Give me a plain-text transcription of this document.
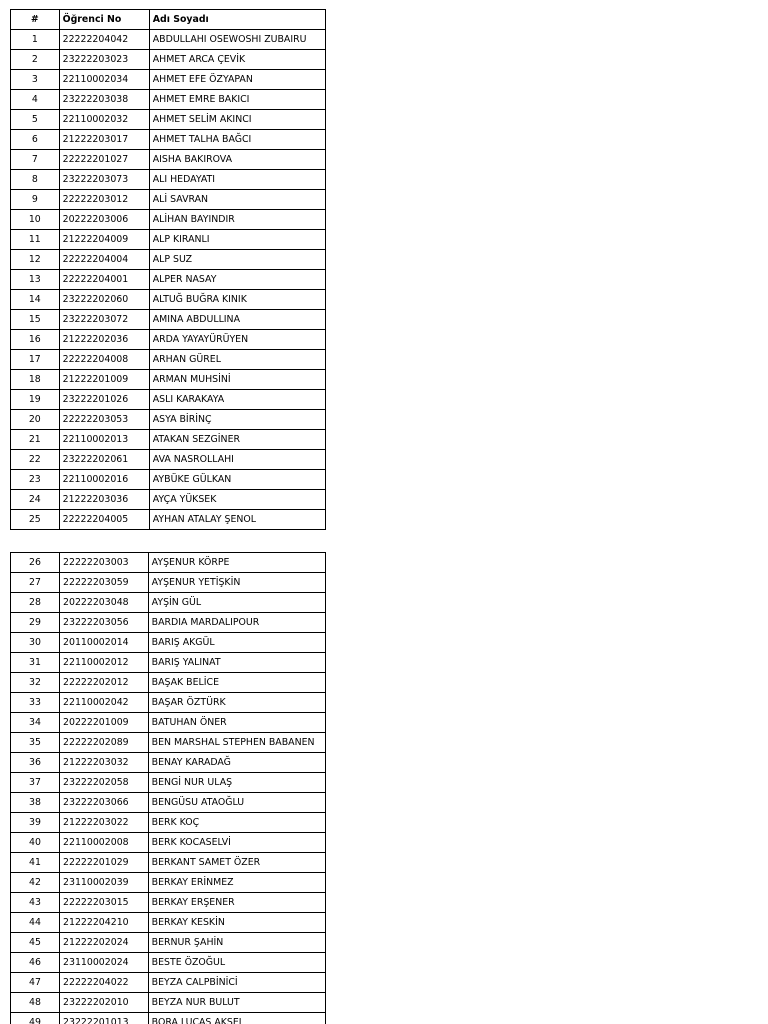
#	Öğrenci No	Adı Soyadı
1	22222204042	ABDULLAHI OSEWOSHI ZUBAIRU
2	23222203023	AHMET ARCA ÇEVİK
3	22110002034	AHMET EFE ÖZYAPAN
4	23222203038	AHMET EMRE BAKICI
5	22110002032	AHMET SELİM AKINCI
6	21222203017	AHMET TALHA BAĞCI
7	22222201027	AISHA BAKIROVA
8	23222203073	ALI HEDAYATI
9	22222203012	ALİ SAVRAN
10	20222203006	ALİHAN BAYINDIR
11	21222204009	ALP KIRANLI
12	22222204004	ALP SUZ
13	22222204001	ALPER NASAY
14	23222202060	ALTUĞ BUĞRA KINIK
15	23222203072	AMINA ABDULLINA
16	21222202036	ARDA YAYAYÜRÜYEN
17	22222204008	ARHAN GÜREL
18	21222201009	ARMAN MUHSİNİ
19	23222201026	ASLI KARAKAYA
20	22222203053	ASYA BİRİNÇ
21	22110002013	ATAKAN SEZGİNER
22	23222202061	AVA NASROLLAHI
23	22110002016	AYBÜKE GÜLKAN
24	21222203036	AYÇA YÜKSEK
25	22222204005	AYHAN ATALAY ŞENOL
26	22222203003	AYŞENUR KÖRPE
27	22222203059	AYŞENUR YETİŞKİN
28	20222203048	AYŞİN GÜL
29	23222203056	BARDIA MARDALIPOUR
30	20110002014	BARIŞ AKGÜL
31	22110002012	BARIŞ YALINAT
32	22222202012	BAŞAK BELİCE
33	22110002042	BAŞAR ÖZTÜRK
34	20222201009	BATUHAN ÖNER
35	22222202089	BEN MARSHAL STEPHEN BABANEN
36	21222203032	BENAY KARADAĞ
37	23222202058	BENGİ NUR ULAŞ
38	23222203066	BENGÜSU ATAOĞLU
39	21222203022	BERK KOÇ
40	22110002008	BERK KOCASELVİ
41	22222201029	BERKANT SAMET ÖZER
42	23110002039	BERKAY ERİNMEZ
43	22222203015	BERKAY ERŞENER
44	21222204210	BERKAY KESKİN
45	21222202024	BERNUR ŞAHİN
46	23110002024	BESTE ÖZOĞUL
47	22222204022	BEYZA CALPBİNİCİ
48	23222202010	BEYZA NUR BULUT
49	23222201013	BORA LUCAS AKSEL
